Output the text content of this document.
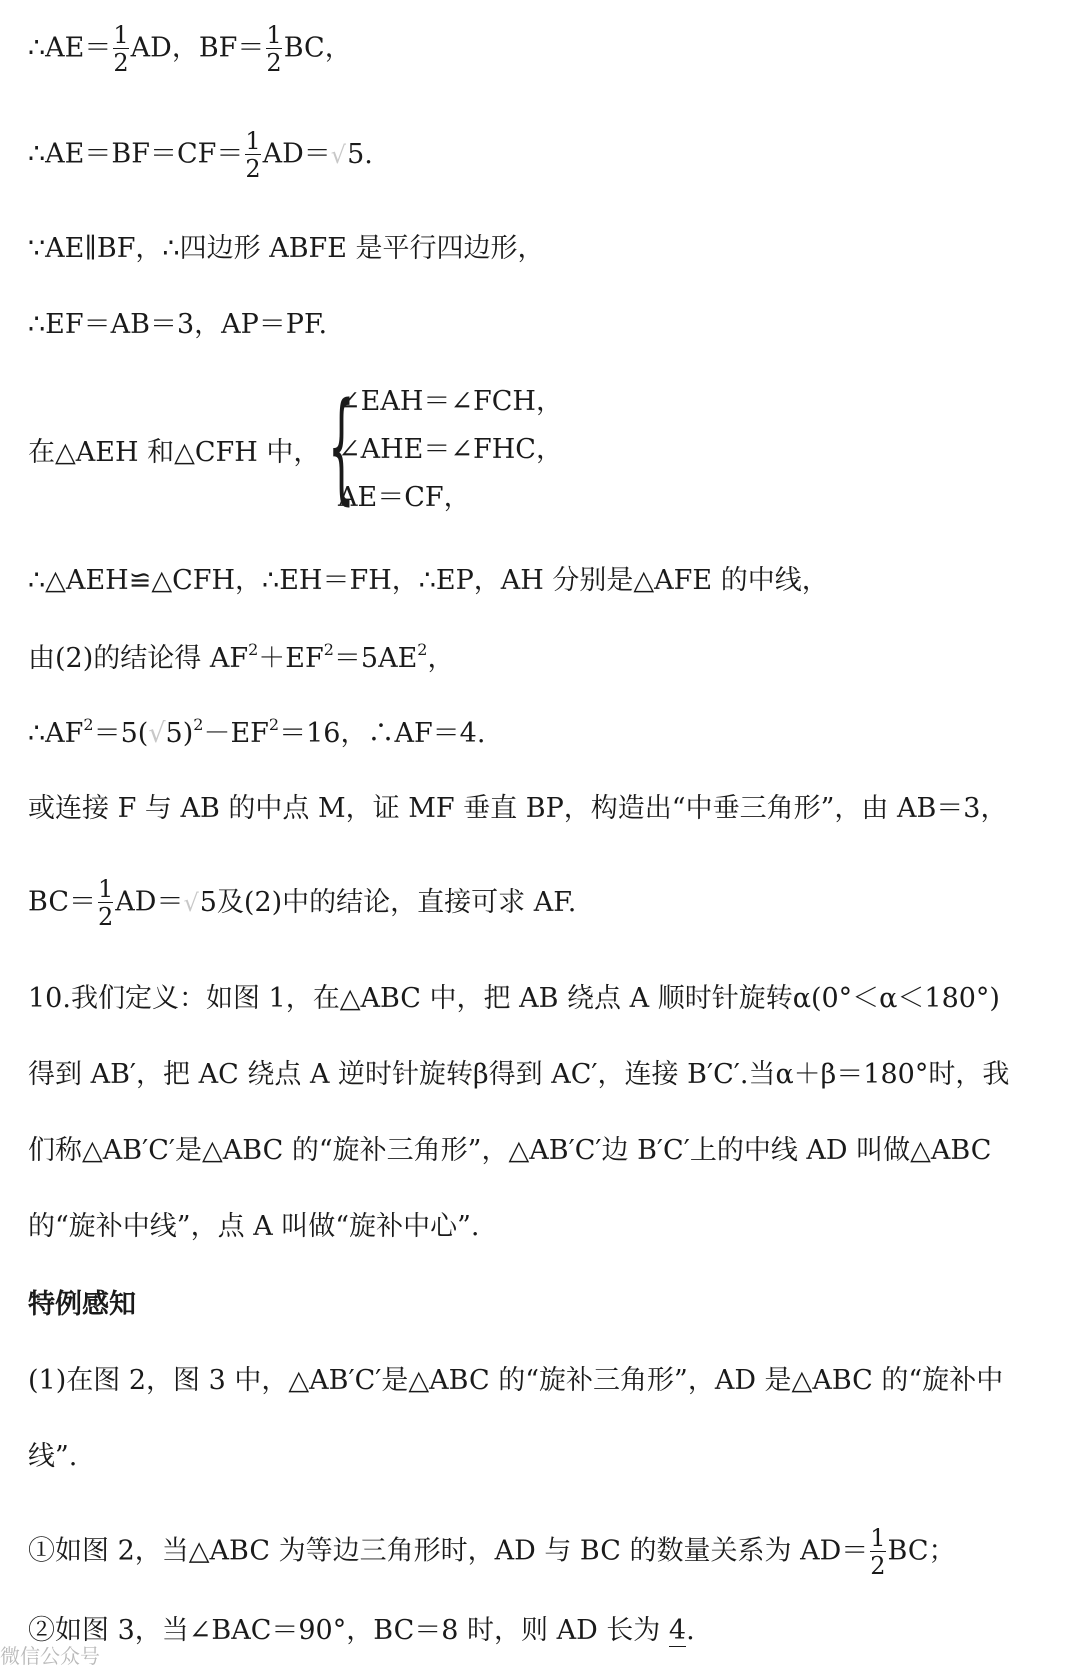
∴AE＝ $\frac{1}{2}$ AD，$BF= \frac{1}{2}$ BC，
∴AE＝BF＝CF＝ $\frac{1}{2} AD=√5$.
∵AE∥BF，∴四边形 ABFE 是平行四边形，
∴EF＝AB＝3，AP＝PF.
在△AEH 和△CFH 中， {
∠EAH＝∠FCH，
∠AHE＝∠FHC，
AE＝CF，
∴△AEH≌△CFH，∴EH＝FH，∴EP，AH 分别是△AFE 的中线，
由(2)的结论得 $AF^2+EF^2=5AE^2$，
$\therefore AF^2=5(√5)^2-EF^2=16$，∴AF＝4.
或连接 F 与 AB 的中点 M，证 MF 垂直 BP，构造出“中垂三角形”，由 AB＝3，
$BC= \frac{1}{2} AD=√5$及(2)中的结论，直接可求 AF.
10.我们定义：如图 1，在△ABC 中，把 AB 绕点 A 顺时针旋转α(0°＜α＜180°)
得到 AB′，把 AC 绕点 A 逆时针旋转β得到 AC′，连接 B′C′.当α＋β＝180°时，我
们称△AB′C′是△ABC 的“旋补三角形”，△AB′C′边 B′C′上的中线 AD 叫做△ABC
的“旋补中线”，点 A 叫做“旋补中心”.
特例感知
(1)在图 2，图 3 中，△AB′C′是△ABC 的“旋补三角形”，AD 是△ABC 的“旋补中
线”.
①如图 2，当△ABC 为等边三角形时，AD 与 BC 的数量关系为 $AD= \frac{1}{2}$ BC；
②如图 3，当∠BAC＝90°，BC＝8 时，则 AD 长为 4.
微信公众号
